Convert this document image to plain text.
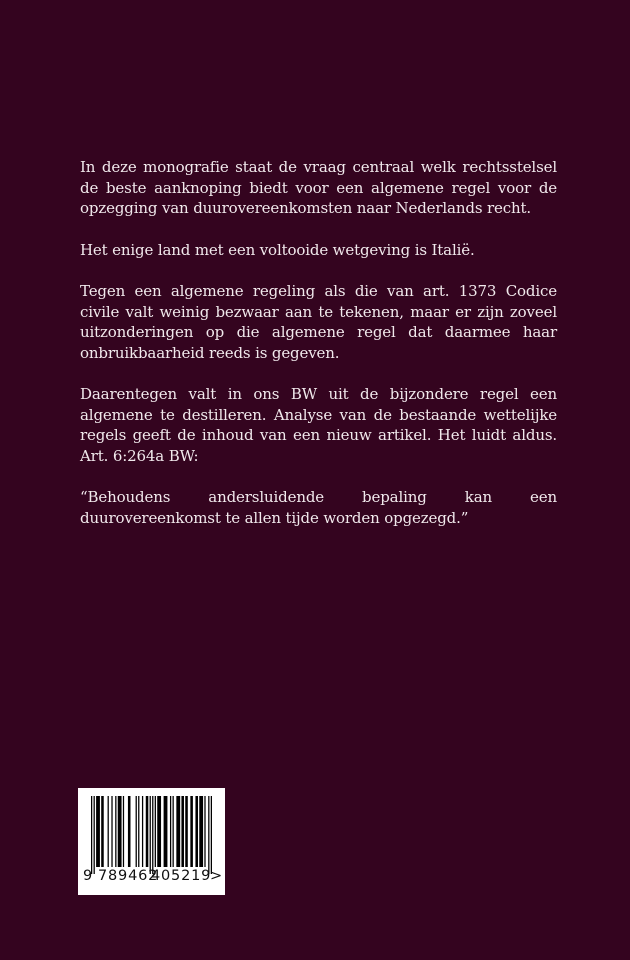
In deze monografie staat de vraag centraal welk rechtsstelsel de beste aanknoping biedt voor een algemene regel voor de opzegging van duurovereenkomsten naar Nederlands recht.

Het enige land met een voltooide wetgeving is Italië.

Tegen een algemene regeling als die van art. 1373 Codice civile valt weinig bezwaar aan te tekenen, maar er zijn zoveel uitzonderingen op die algemene regel dat daarmee haar onbruikbaarheid reeds is gegeven.

Daarentegen valt in ons BW uit de bijzondere regel een algemene te destilleren. Analyse van de bestaande wettelijke regels geeft de inhoud van een nieuw artikel. Het luidt aldus. Art. 6:264a BW:

“Behoudens andersluidende bepaling kan een duurovereenkomst te allen tijde worden opgezegd.”

9 789462
405219
>
